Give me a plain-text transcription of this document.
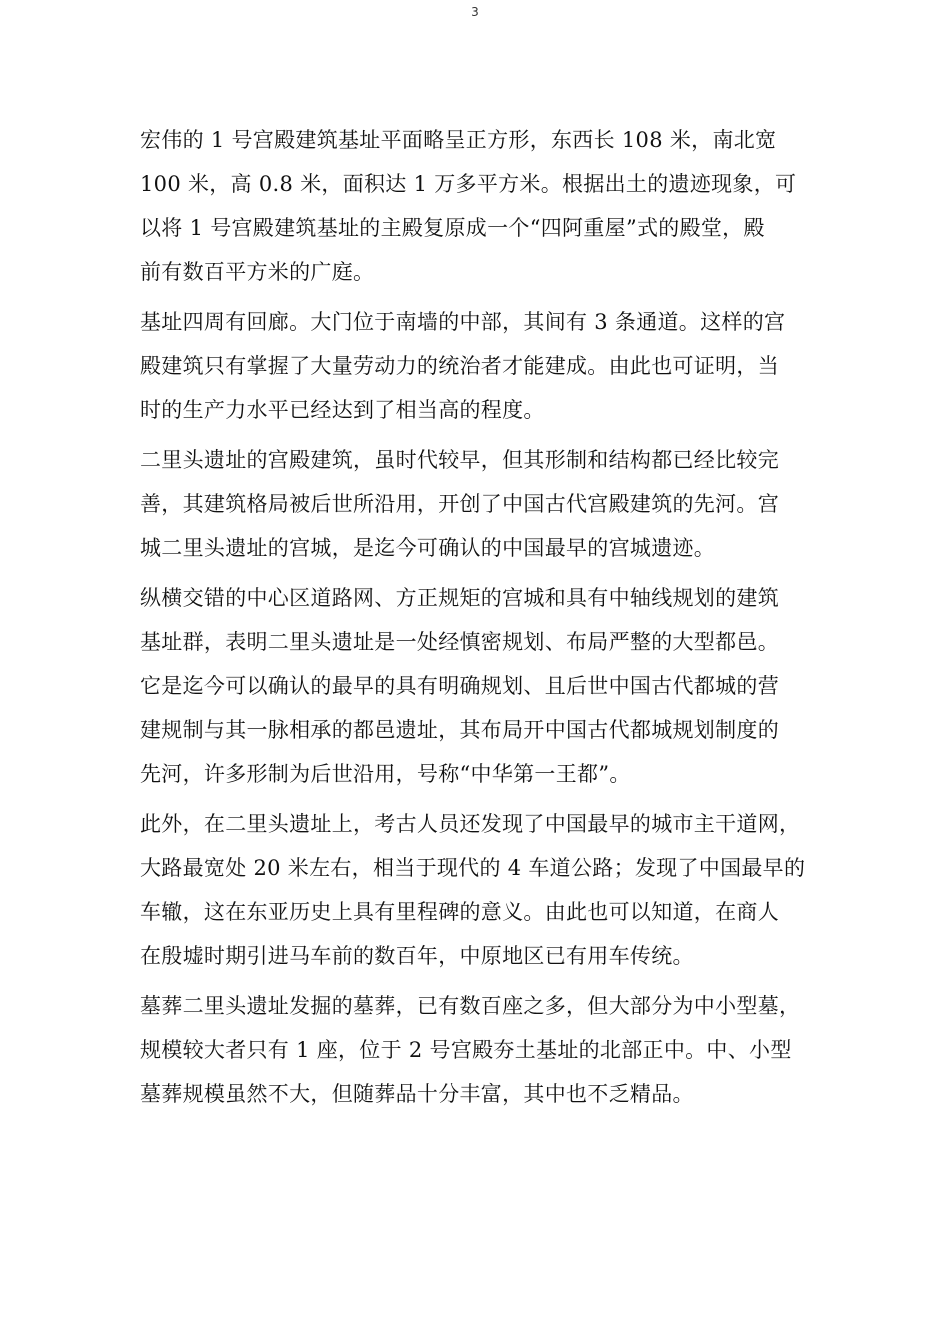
3
宏伟的 1 号宫殿建筑基址平面略呈正方形，东西长 108 米，南北宽
100 米，高 0.8 米，面积达 1 万多平方米。根据出土的遗迹现象，可
以将 1 号宫殿建筑基址的主殿复原成一个“四阿重屋”式的殿堂，殿
前有数百平方米的广庭。
基址四周有回廊。大门位于南墙的中部，其间有 3 条通道。这样的宫
殿建筑只有掌握了大量劳动力的统治者才能建成。由此也可证明，当
时的生产力水平已经达到了相当高的程度。
二里头遗址的宫殿建筑，虽时代较早，但其形制和结构都已经比较完
善，其建筑格局被后世所沿用，开创了中国古代宫殿建筑的先河。宫
城二里头遗址的宫城，是迄今可确认的中国最早的宫城遗迹。
纵横交错的中心区道路网、方正规矩的宫城和具有中轴线规划的建筑
基址群，表明二里头遗址是一处经慎密规划、布局严整的大型都邑。
它是迄今可以确认的最早的具有明确规划、且后世中国古代都城的营
建规制与其一脉相承的都邑遗址，其布局开中国古代都城规划制度的
先河，许多形制为后世沿用，号称“中华第一王都”。
此外，在二里头遗址上，考古人员还发现了中国最早的城市主干道网，
大路最宽处 20 米左右，相当于现代的 4 车道公路；发现了中国最早的
车辙，这在东亚历史上具有里程碑的意义。由此也可以知道，在商人
在殷墟时期引进马车前的数百年，中原地区已有用车传统。
墓葬二里头遗址发掘的墓葬，已有数百座之多，但大部分为中小型墓，
规模较大者只有 1 座，位于 2 号宫殿夯土基址的北部正中。中、小型
墓葬规模虽然不大，但随葬品十分丰富，其中也不乏精品。
